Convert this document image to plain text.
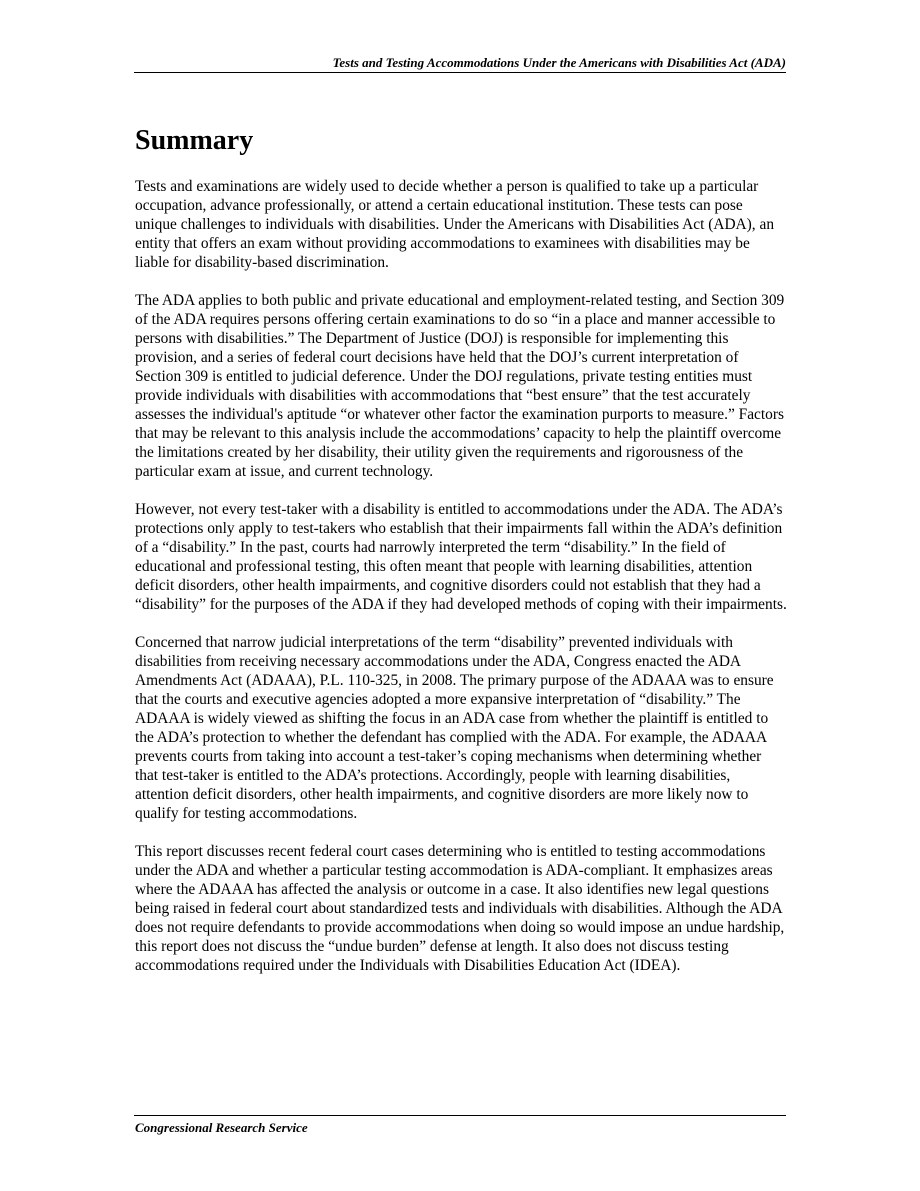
Tests and Testing Accommodations Under the Americans with Disabilities Act (ADA)
Summary

Tests and examinations are widely used to decide whether a person is qualified to take up a particular occupation, advance professionally, or attend a certain educational institution. These tests can pose unique challenges to individuals with disabilities. Under the Americans with Disabilities Act (ADA), an entity that offers an exam without providing accommodations to examinees with disabilities may be liable for disability-based discrimination.

The ADA applies to both public and private educational and employment-related testing, and Section 309 of the ADA requires persons offering certain examinations to do so “in a place and manner accessible to persons with disabilities.” The Department of Justice (DOJ) is responsible for implementing this provision, and a series of federal court decisions have held that the DOJ’s current interpretation of Section 309 is entitled to judicial deference. Under the DOJ regulations, private testing entities must provide individuals with disabilities with accommodations that “best ensure” that the test accurately assesses the individual's aptitude “or whatever other factor the examination purports to measure.” Factors that may be relevant to this analysis include the accommodations’ capacity to help the plaintiff overcome the limitations created by her disability, their utility given the requirements and rigorousness of the particular exam at issue, and current technology.

However, not every test-taker with a disability is entitled to accommodations under the ADA. The ADA’s protections only apply to test-takers who establish that their impairments fall within the ADA’s definition of a “disability.” In the past, courts had narrowly interpreted the term “disability.” In the field of educational and professional testing, this often meant that people with learning disabilities, attention deficit disorders, other health impairments, and cognitive disorders could not establish that they had a “disability” for the purposes of the ADA if they had developed methods of coping with their impairments.

Concerned that narrow judicial interpretations of the term “disability” prevented individuals with disabilities from receiving necessary accommodations under the ADA, Congress enacted the ADA Amendments Act (ADAAA), P.L. 110-325, in 2008. The primary purpose of the ADAAA was to ensure that the courts and executive agencies adopted a more expansive interpretation of “disability.” The ADAAA is widely viewed as shifting the focus in an ADA case from whether the plaintiff is entitled to the ADA’s protection to whether the defendant has complied with the ADA. For example, the ADAAA prevents courts from taking into account a test-taker’s coping mechanisms when determining whether that test-taker is entitled to the ADA’s protections. Accordingly, people with learning disabilities, attention deficit disorders, other health impairments, and cognitive disorders are more likely now to qualify for testing accommodations.

This report discusses recent federal court cases determining who is entitled to testing accommodations under the ADA and whether a particular testing accommodation is ADA-compliant. It emphasizes areas where the ADAAA has affected the analysis or outcome in a case. It also identifies new legal questions being raised in federal court about standardized tests and individuals with disabilities. Although the ADA does not require defendants to provide accommodations when doing so would impose an undue hardship, this report does not discuss the “undue burden” defense at length. It also does not discuss testing accommodations required under the Individuals with Disabilities Education Act (IDEA).

Congressional Research Service
